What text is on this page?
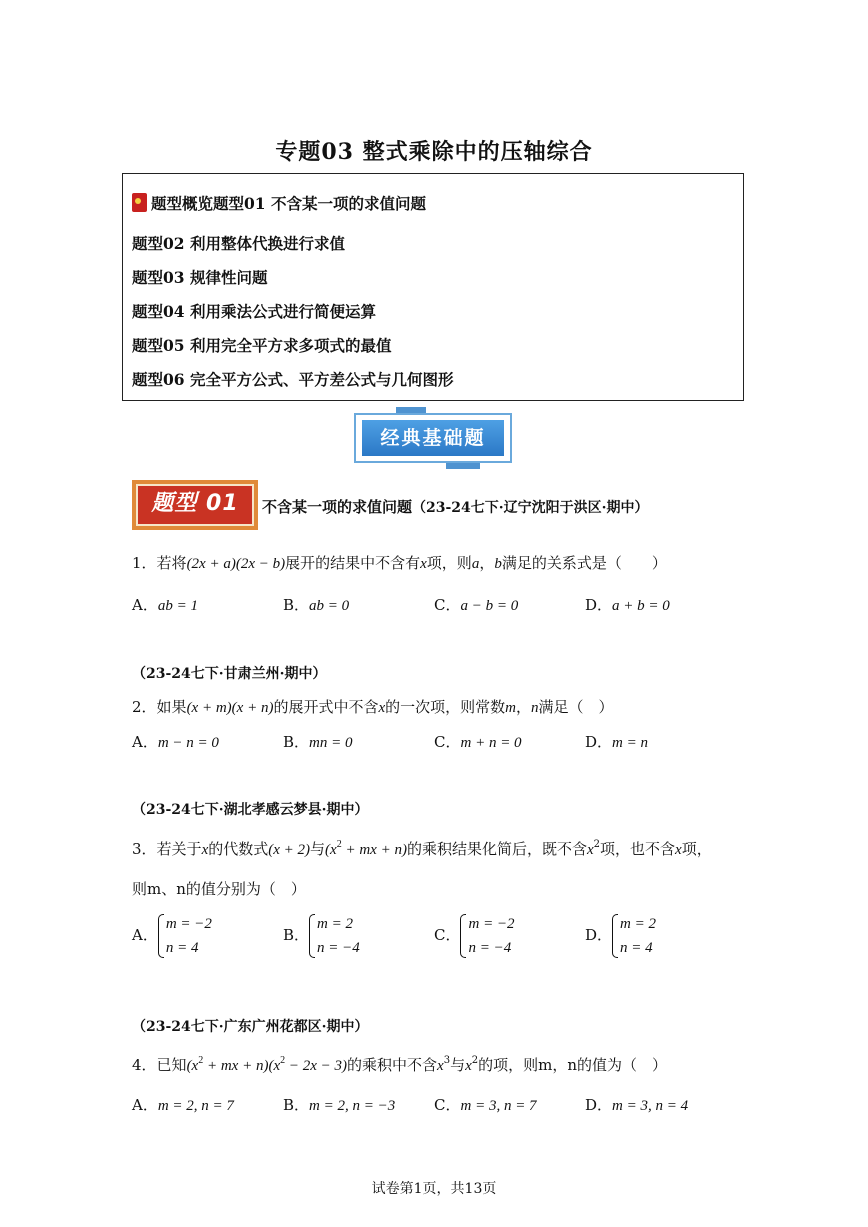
专题03 整式乘除中的压轴综合
题型概览题型01 不含某一项的求值问题
题型02 利用整体代换进行求值
题型03 规律性问题
题型04 利用乘法公式进行简便运算
题型05 利用完全平方求多项式的最值
题型06 完全平方公式、平方差公式与几何图形
经典基础题
题型 01	不含某一项的求值问题（23-24七下·辽宁沈阳于洪区·期中）
1．若将(2x + a)(2x − b)展开的结果中不含有x项，则a，b满足的关系式是（　　）
A．ab = 1	B．ab = 0	C．a − b = 0	D．a + b = 0
（23-24七下·甘肃兰州·期中）
2．如果(x + m)(x + n)的展开式中不含x的一次项，则常数m，n满足（　）
A．m − n = 0	B．mn = 0	C．m + n = 0	D．m = n
（23-24七下·湖北孝感云梦县·期中）
3．若关于x的代数式(x + 2)与($x^2$ + mx + n)的乘积结果化简后，既不含$x^2$项，也不含x项，
则m、n的值分别为（　）
A．
m = −2
n = 4
B．
m = 2
n = −4
C．
m = −2
n = −4
D．
m = 2
n = 4
（23-24七下·广东广州花都区·期中）
4．已知($x^2$ + mx + $n)(x^2 - 2x - 3)$的乘积中不含$x^3$与$x^2$的项，则m，n的值为（　）
A．m = 2, n = 7	B．m = 2, n = −3	C．m = 3, n = 7	D．m = 3, n = 4
试卷第1页，共13页
